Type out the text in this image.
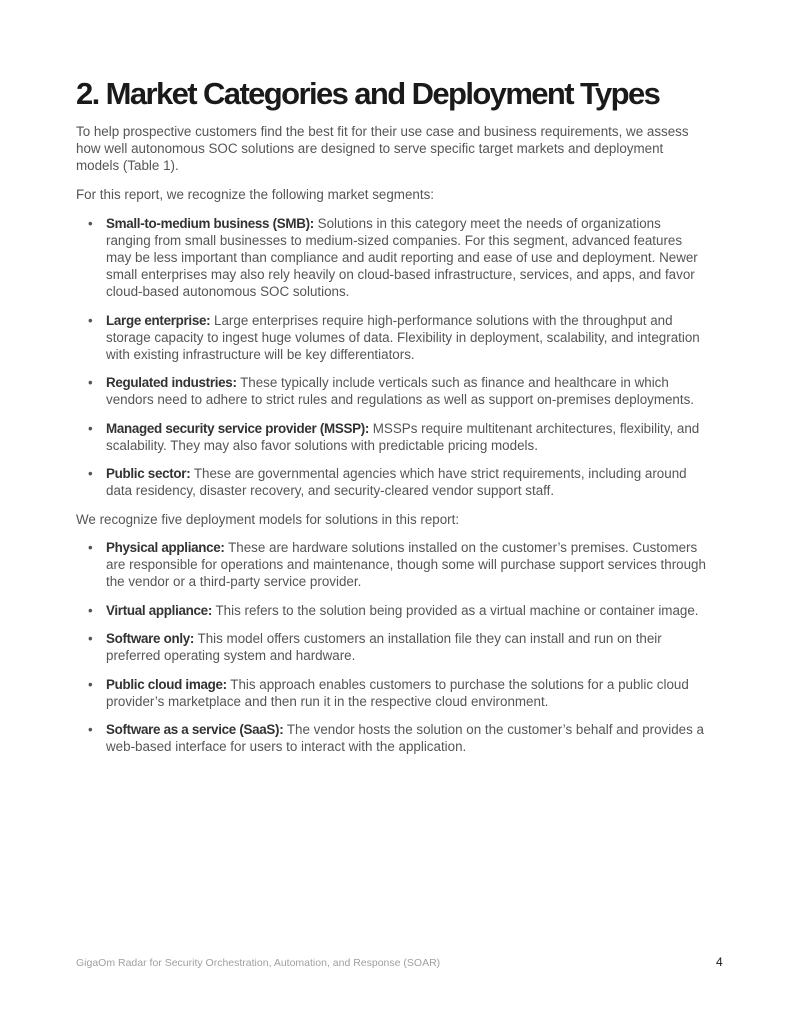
2. Market Categories and Deployment Types

To help prospective customers find the best fit for their use case and business requirements, we assess how well autonomous SOC solutions are designed to serve specific target markets and deployment models (Table 1).

For this report, we recognize the following market segments:

• Small-to-medium business (SMB): Solutions in this category meet the needs of organizations ranging from small businesses to medium-sized companies. For this segment, advanced features may be less important than compliance and audit reporting and ease of use and deployment. Newer small enterprises may also rely heavily on cloud-based infrastructure, services, and apps, and favor cloud-based autonomous SOC solutions.
• Large enterprise: Large enterprises require high-performance solutions with the throughput and storage capacity to ingest huge volumes of data. Flexibility in deployment, scalability, and integration with existing infrastructure will be key differentiators.
• Regulated industries: These typically include verticals such as finance and healthcare in which vendors need to adhere to strict rules and regulations as well as support on-premises deployments.
• Managed security service provider (MSSP): MSSPs require multitenant architectures, flexibility, and scalability. They may also favor solutions with predictable pricing models.
• Public sector: These are governmental agencies which have strict requirements, including around data residency, disaster recovery, and security-cleared vendor support staff.

We recognize five deployment models for solutions in this report:

• Physical appliance: These are hardware solutions installed on the customer’s premises. Customers are responsible for operations and maintenance, though some will purchase support services through the vendor or a third-party service provider.
• Virtual appliance: This refers to the solution being provided as a virtual machine or container image.
• Software only: This model offers customers an installation file they can install and run on their preferred operating system and hardware.
• Public cloud image: This approach enables customers to purchase the solutions for a public cloud provider’s marketplace and then run it in the respective cloud environment.
• Software as a service (SaaS): The vendor hosts the solution on the customer’s behalf and provides a web-based interface for users to interact with the application.
GigaOm Radar for Security Orchestration, Automation, and Response (SOAR)	4
